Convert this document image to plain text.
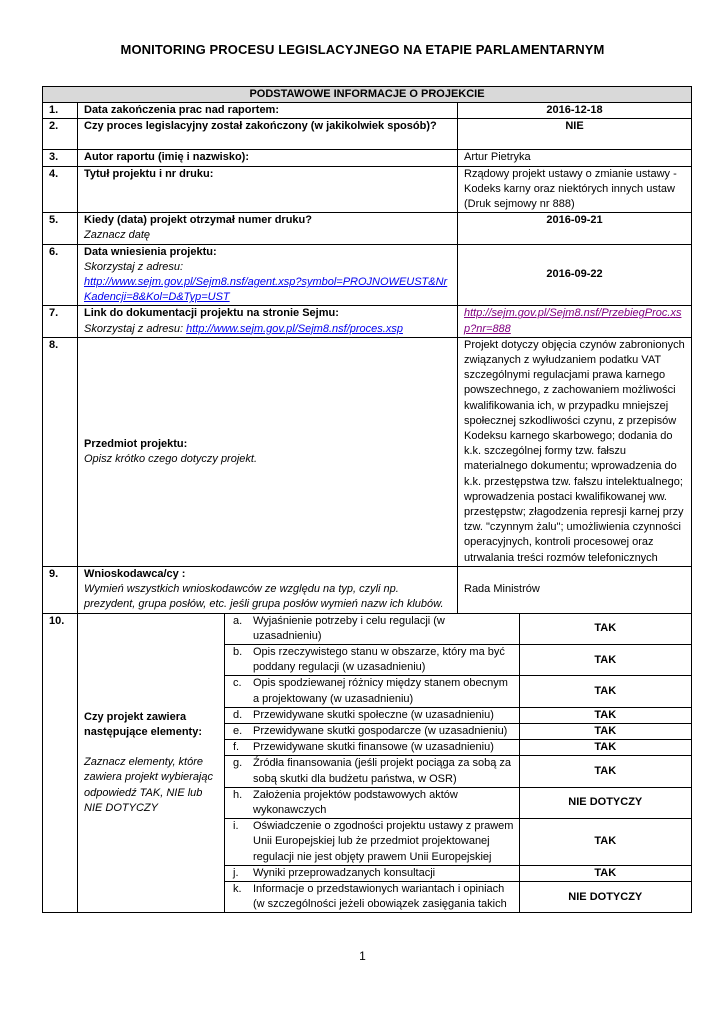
MONITORING PROCESU LEGISLACYJNEGO NA ETAPIE PARLAMENTARNYM
PODSTAWOWE INFORMACJE O PROJEKCIE
1.	Data zakończenia prac nad raportem:	2016-12-18
2.	Czy proces legislacyjny został zakończony (w jakikolwiek sposób)?	NIE
3.	Autor raportu (imię i nazwisko):	Artur Pietryka
4.	Tytuł projektu i nr druku:	Rządowy projekt ustawy o zmianie ustawy - Kodeks karny oraz niektórych innych ustaw (Druk sejmowy nr 888)
5.	Kiedy (data) projekt otrzymał numer druku?
Zaznacz datę
	2016-09-21
6.	Data wniesienia projektu:
Skorzystaj z adresu:
http://www.sejm.gov.pl/Sejm8.nsf/agent.xsp?symbol=PROJNOWEUST&NrKadencji=8&Kol=D&Typ=UST
	2016-09-22
7.	Link do dokumentacji projektu na stronie Sejmu:
Skorzystaj z adresu: http://www.sejm.gov.pl/Sejm8.nsf/proces.xsp
	http://sejm.gov.pl/Sejm8.nsf/PrzebiegProc.xsp?nr=888
8.	
Przedmiot projektu:
Opisz krótko czego dotyczy projekt.
	Projekt dotyczy objęcia czynów zabronionych związanych z wyłudzaniem podatku VAT szczególnymi regulacjami prawa karnego powszechnego, z zachowaniem możliwości kwalifikowania ich, w przypadku mniejszej społecznej szkodliwości czynu, z przepisów Kodeksu karnego skarbowego; dodania do k.k. szczególnej formy tzw. fałszu materialnego dokumentu; wprowadzenia do k.k. przestępstwa tzw. fałszu intelektualnego; wprowadzenia postaci kwalifikowanej ww. przestępstw; złagodzenia represji karnej przy tzw. "czynnym żalu"; umożliwienia czynności operacyjnych, kontroli procesowej oraz utrwalania treści rozmów telefonicznych
9.	Wnioskodawca/cy :
Wymień wszystkich wnioskodawców ze względu na typ, czyli np. prezydent, grupa posłów, etc. jeśli grupa posłów wymień nazw ich klubów.
	Rada Ministrów
10.	
Czy projekt zawiera następujące elementy:
Zaznacz elementy, które zawiera projekt wybierając odpowiedź TAK, NIE lub NIE DOTYCZY
a. Wyjaśnienie potrzeby i celu regulacji (w uzasadnieniu)
	TAK

b. Opis rzeczywistego stanu w obszarze, który ma być poddany regulacji (w uzasadnieniu)
	TAK

c.	Opis spodziewanej różnicy między stanem obecnym a projektowany (w uzasadnieniu)
	TAK

d. Przewidywane skutki społeczne (w uzasadnieniu)	TAK

e. Przewidywane skutki gospodarcze (w uzasadnieniu)	TAK

f.	Przewidywane skutki finansowe (w uzasadnieniu)	TAK

g. Źródła finansowania (jeśli projekt pociąga za sobą za sobą skutki dla budżetu państwa, w OSR)
	TAK

h. Założenia projektów podstawowych aktów wykonawczych
	NIE DOTYCZY

i.	Oświadczenie o zgodności projektu ustawy z prawem Unii Europejskiej lub że przedmiot projektowanej regulacji nie jest objęty prawem Unii Europejskiej
	TAK

j.	Wyniki przeprowadzanych konsultacji	TAK

k.	Informacje o przedstawionych wariantach i opiniach (w szczególności jeżeli obowiązek zasięgania takich
	NIE DOTYCZY
1
